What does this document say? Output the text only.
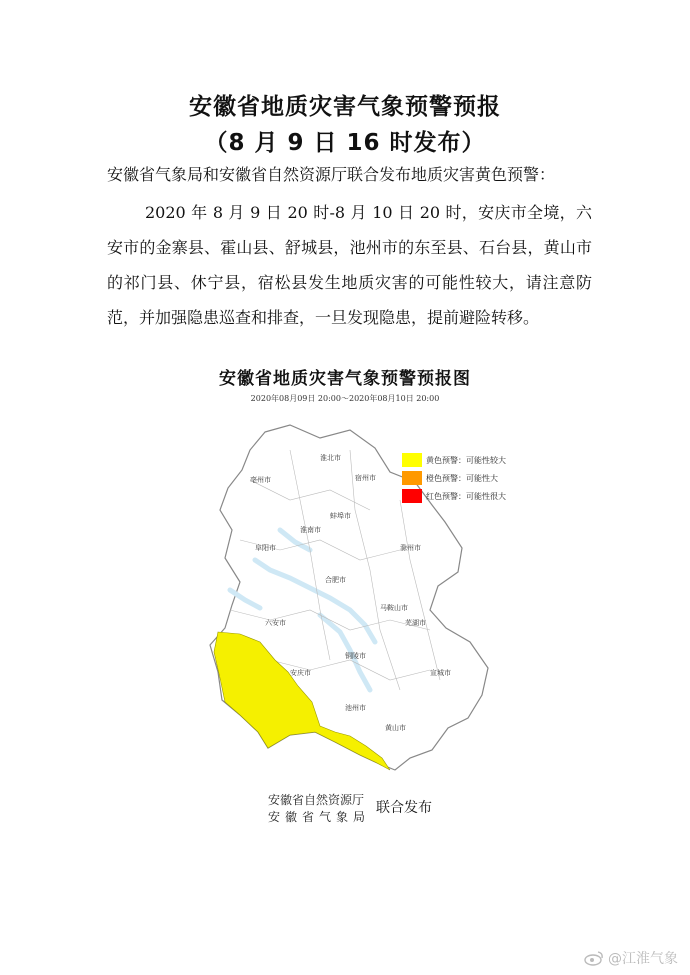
安徽省地质灾害气象预警预报
（8 月 9 日 16 时发布）
安徽省气象局和安徽省自然资源厅联合发布地质灾害黄色预警：
2020 年 8 月 9 日 20 时-8 月 10 日 20 时，安庆市全境，六安市的金寨县、霍山县、舒城县，池州市的东至县、石台县，黄山市的祁门县、休宁县，宿松县发生地质灾害的可能性较大，请注意防范，并加强隐患巡查和排查，一旦发现隐患，提前避险转移。
安徽省地质灾害气象预警预报图
2020年08月09日 20:00～2020年08月10日 20:00
亳州市
淮北市
宿州市
蚌埠市
淮南市
阜阳市
合肥市
六安市
滁州市
马鞍山市
芜湖市
铜陵市
安庆市
池州市
宣城市
黄山市
黄色预警：可能性较大
橙色预警：可能性大
红色预警：可能性很大
安徽省自然资源厅
安徽省气象局
联合发布
@江淮气象
